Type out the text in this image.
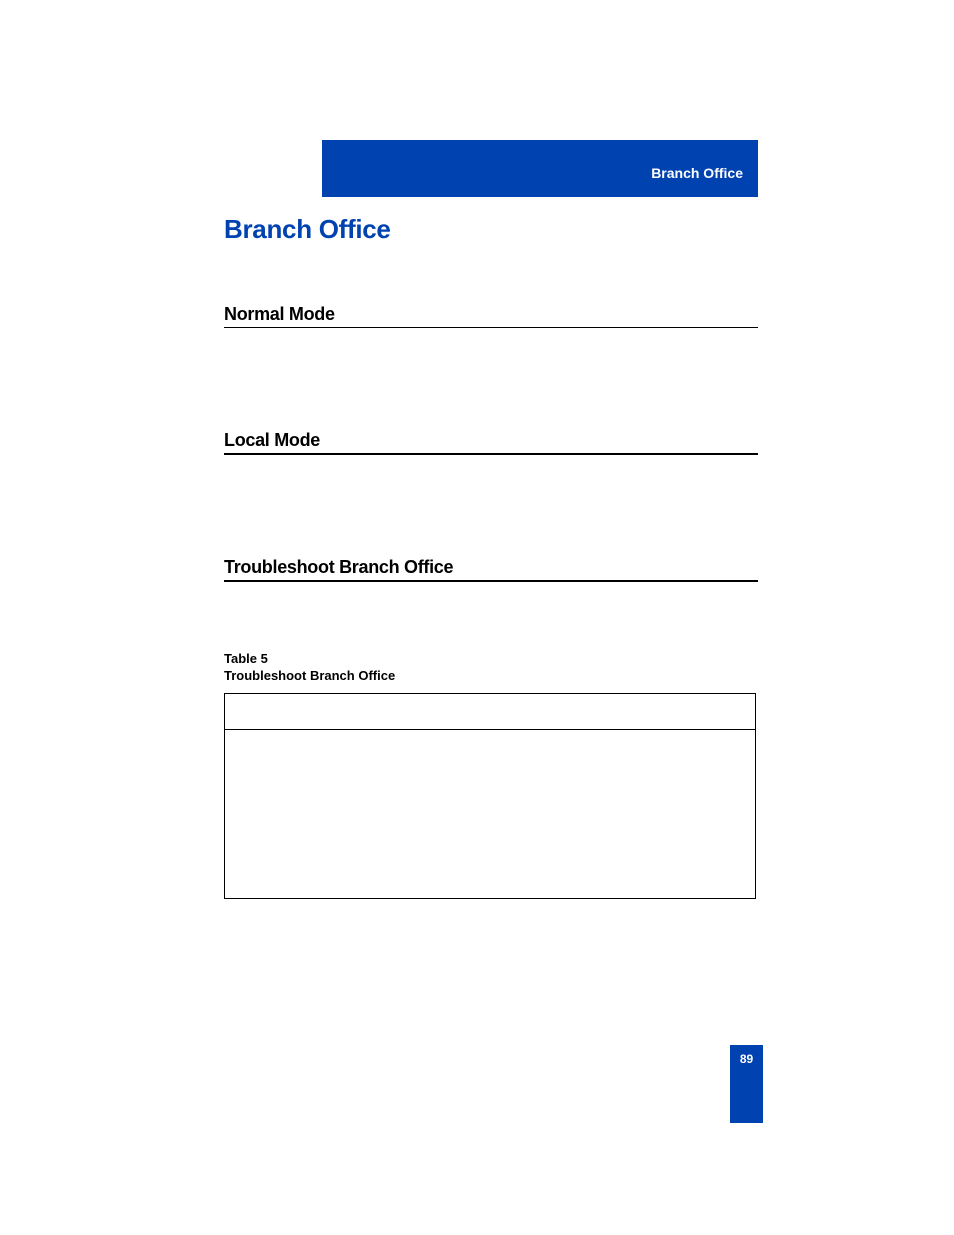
Branch Office
Branch Office
Normal Mode
Local Mode
Troubleshoot Branch Office
Table 5
Troubleshoot Branch Office
89
